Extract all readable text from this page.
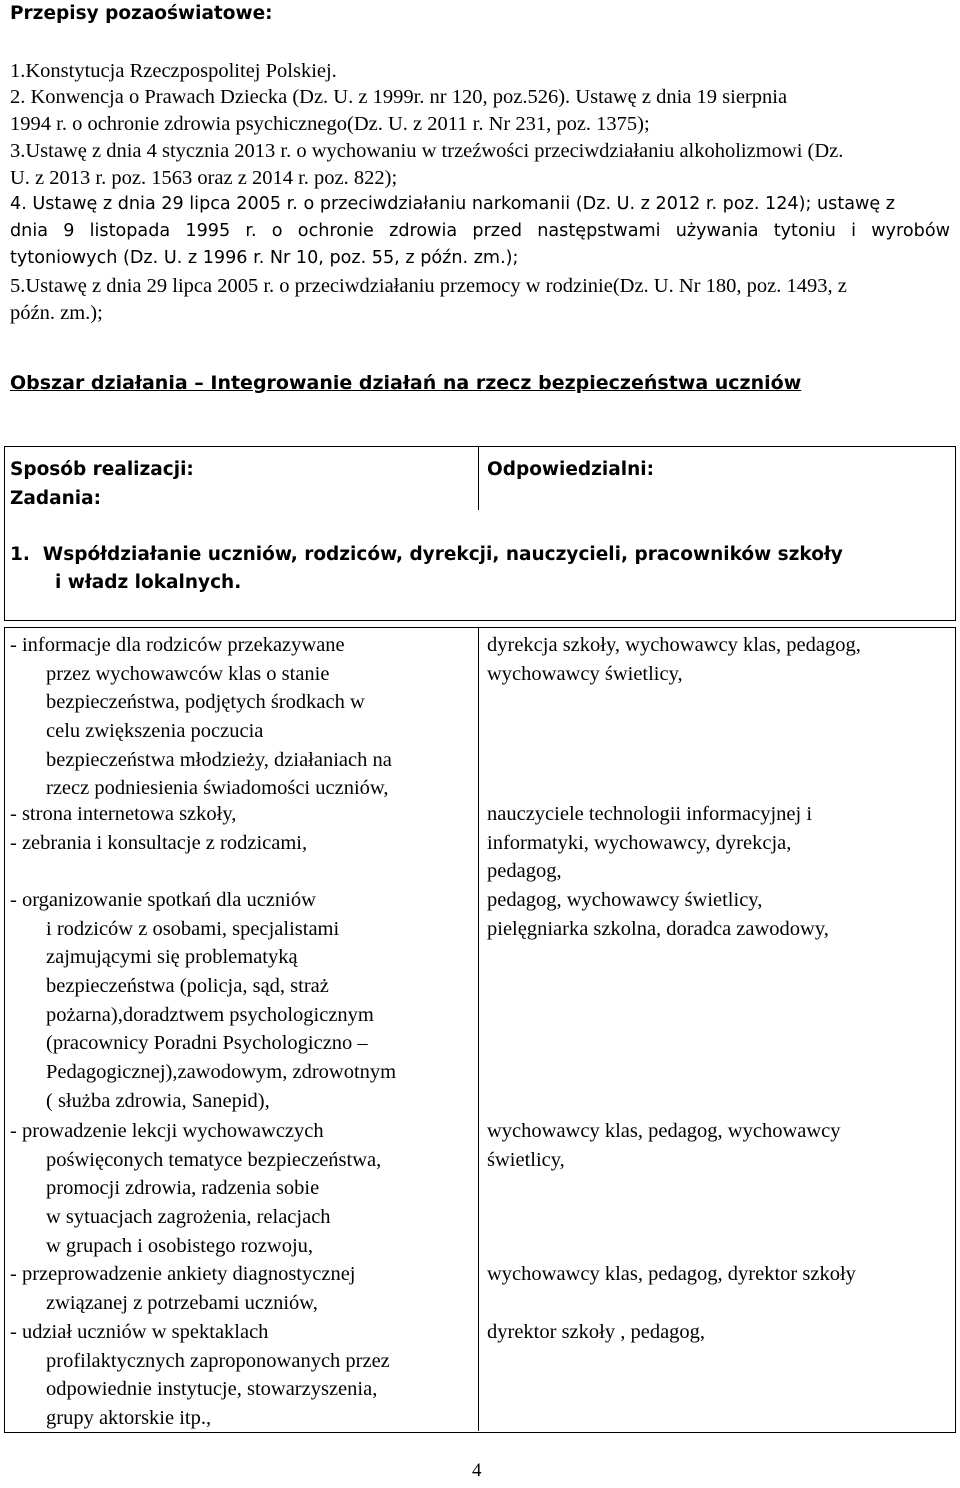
Przepisy pozaoświatowe:
1.Konstytucja Rzeczpospolitej Polskiej.
2. Konwencja o Prawach Dziecka (Dz. U. z 1999r. nr 120, poz.526). Ustawę z dnia 19 sierpnia
1994 r. o ochronie zdrowia psychicznego(Dz. U. z 2011 r. Nr 231, poz. 1375);
3.Ustawę z dnia 4 stycznia 2013 r. o wychowaniu w trzeźwości przeciwdziałaniu alkoholizmowi (Dz.
U. z 2013 r. poz. 1563 oraz z 2014 r. poz. 822);
4. Ustawę z dnia 29 lipca 2005 r. o przeciwdziałaniu narkomanii (Dz. U. z 2012 r. poz. 124); ustawę z
dnia 9 listopada 1995 r. o ochronie zdrowia przed następstwami używania tytoniu i wyrobów
tytoniowych (Dz. U. z 1996 r. Nr 10, poz. 55, z późn. zm.);
5.Ustawę z dnia 29 lipca 2005 r. o przeciwdziałaniu przemocy w rodzinie(Dz. U. Nr 180, poz. 1493, z
późn. zm.);
Obszar działania – Integrowanie działań na rzecz bezpieczeństwa uczniów
Sposób realizacji:
Zadania:
Odpowiedzialni:
1.  Współdziałanie uczniów, rodziców, dyrekcji, nauczycieli, pracowników szkoły
i władz lokalnych.
- informacje dla rodziców przekazywane
przez wychowawców klas o stanie
bezpieczeństwa, podjętych środkach w
celu zwiększenia poczucia
bezpieczeństwa młodzieży, działaniach na
rzecz podniesienia świadomości uczniów,
dyrekcja szkoły, wychowawcy klas, pedagog,
wychowawcy świetlicy,
- strona internetowa szkoły,
- zebrania i konsultacje z rodzicami,
nauczyciele technologii informacyjnej i
informatyki, wychowawcy, dyrekcja,
pedagog,
- organizowanie spotkań dla uczniów
i rodziców z osobami, specjalistami
zajmującymi się problematyką
bezpieczeństwa (policja, sąd, straż
pożarna),doradztwem psychologicznym
(pracownicy Poradni Psychologiczno –
Pedagogicznej),zawodowym, zdrowotnym
( służba zdrowia, Sanepid),
pedagog, wychowawcy świetlicy,
pielęgniarka szkolna, doradca zawodowy,
- prowadzenie lekcji wychowawczych
poświęconych tematyce bezpieczeństwa,
promocji zdrowia, radzenia sobie
w sytuacjach zagrożenia, relacjach
w grupach i osobistego rozwoju,
wychowawcy klas, pedagog, wychowawcy
świetlicy,
- przeprowadzenie ankiety diagnostycznej
związanej z potrzebami uczniów,
wychowawcy klas, pedagog, dyrektor szkoły
- udział uczniów w spektaklach
profilaktycznych zaproponowanych przez
odpowiednie instytucje, stowarzyszenia,
grupy aktorskie itp.,
dyrektor szkoły , pedagog,
4
